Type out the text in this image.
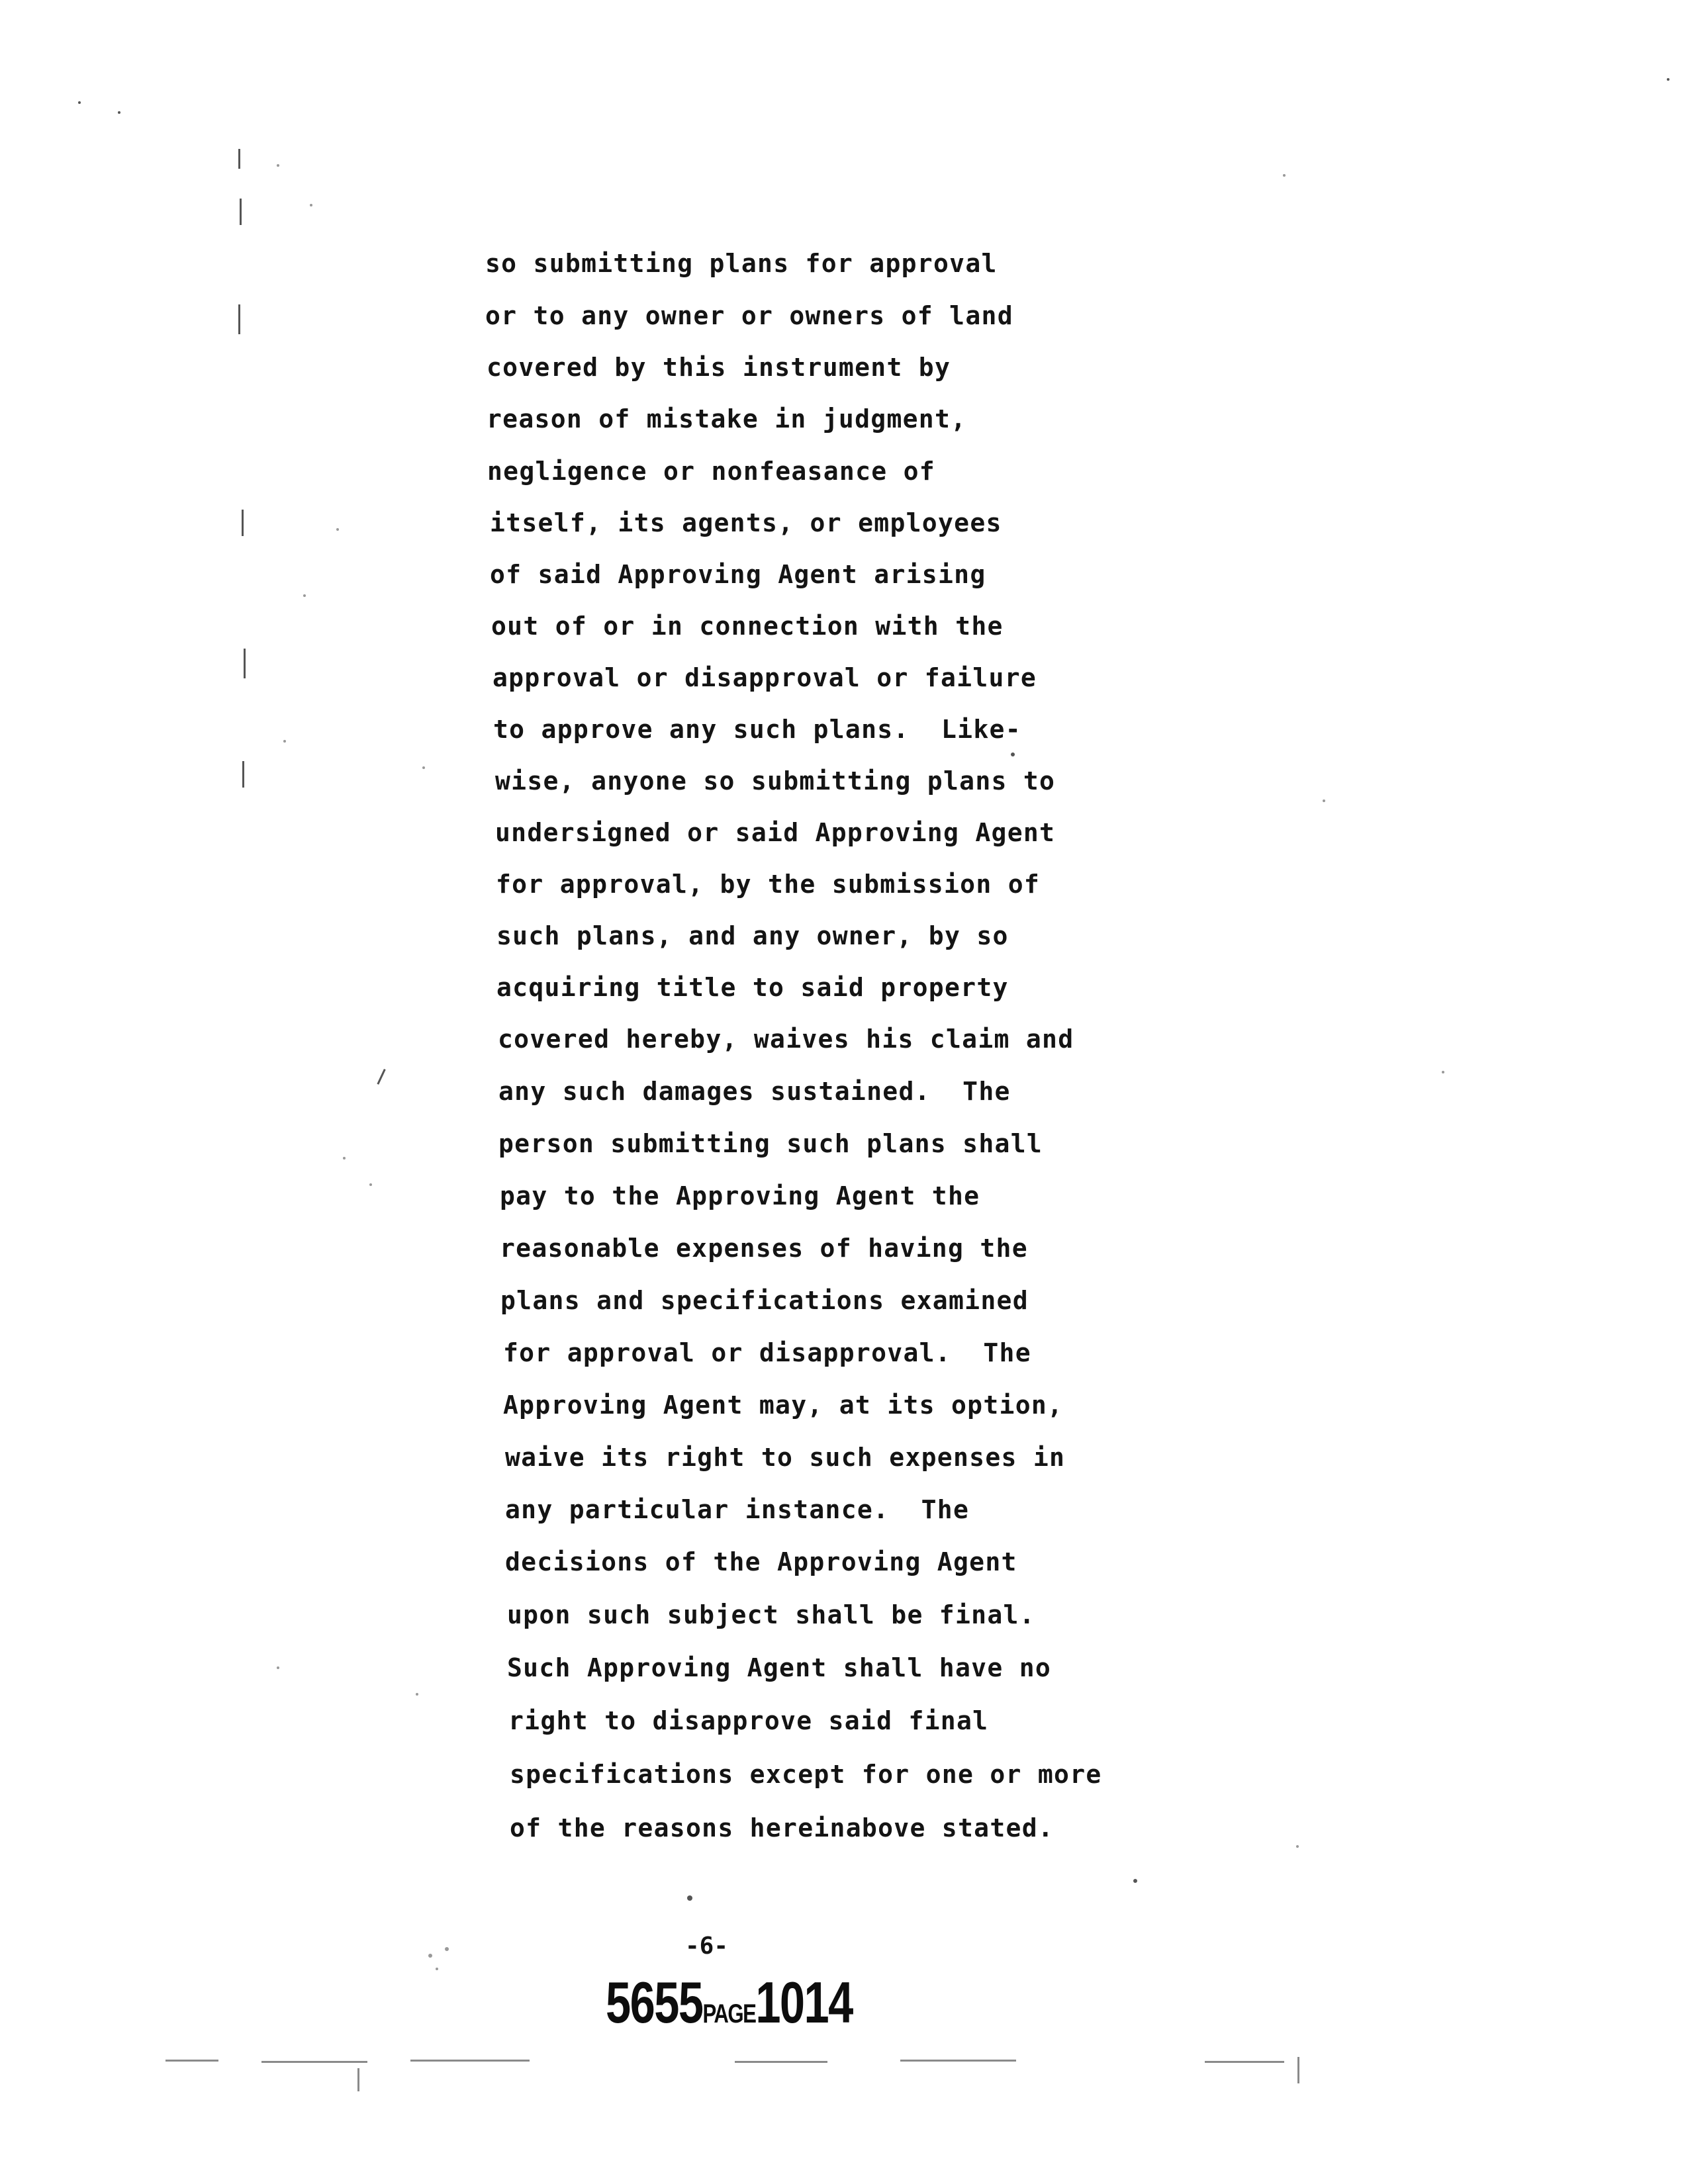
so submitting plans for approval
or to any owner or owners of land
covered by this instrument by
reason of mistake in judgment,
negligence or nonfeasance of
itself, its agents, or employees
of said Approving Agent arising
out of or in connection with the
approval or disapproval or failure
to approve any such plans.  Like-
wise, anyone so submitting plans to
undersigned or said Approving Agent
for approval, by the submission of
such plans, and any owner, by so
acquiring title to said property
covered hereby, waives his claim and
any such damages sustained.  The
person submitting such plans shall
pay to the Approving Agent the
reasonable expenses of having the
plans and specifications examined
for approval or disapproval.  The
Approving Agent may, at its option,
waive its right to such expenses in
any particular instance.  The
decisions of the Approving Agent
upon such subject shall be final.
Such Approving Agent shall have no
right to disapprove said final
specifications except for one or more
of the reasons hereinabove stated.
-6-
5655PAGE1014
